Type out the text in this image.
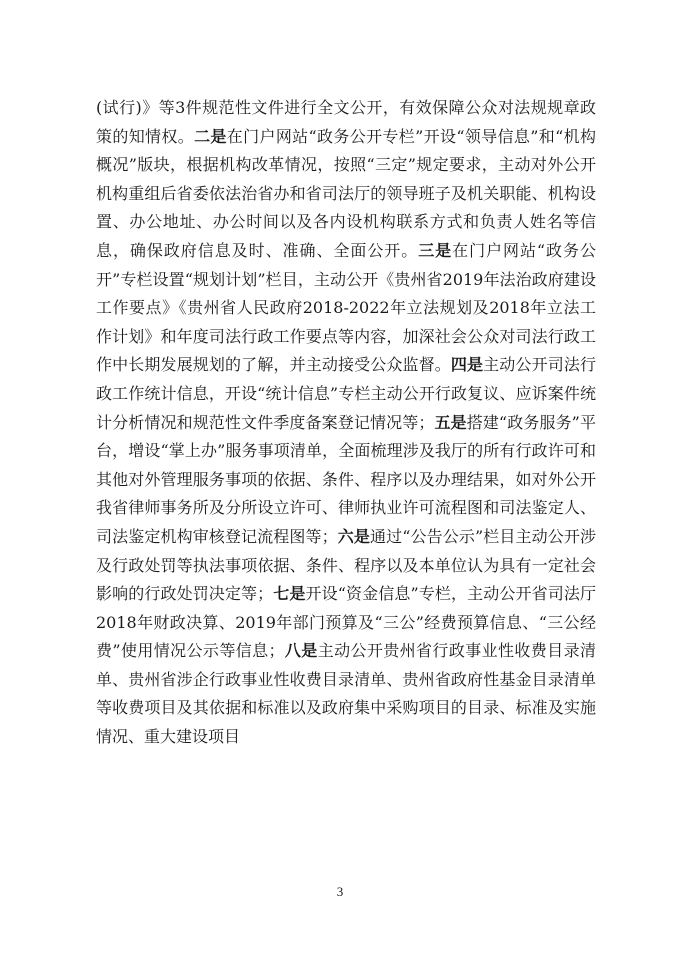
(试行)》等3件规范性文件进行全文公开，有效保障公众对法规规章政策的知情权。二是在门户网站“政务公开专栏”开设“领导信息”和“机构概况”版块，根据机构改革情况，按照“三定”规定要求，主动对外公开机构重组后省委依法治省办和省司法厅的领导班子及机关职能、机构设置、办公地址、办公时间以及各内设机构联系方式和负责人姓名等信息，确保政府信息及时、准确、全面公开。三是在门户网站“政务公开”专栏设置“规划计划”栏目，主动公开《贵州省2019年法治政府建设工作要点》《贵州省人民政府2018-2022年立法规划及2018年立法工作计划》和年度司法行政工作要点等内容，加深社会公众对司法行政工作中长期发展规划的了解，并主动接受公众监督。四是主动公开司法行政工作统计信息，开设“统计信息”专栏主动公开行政复议、应诉案件统计分析情况和规范性文件季度备案登记情况等；五是搭建“政务服务”平台，增设“掌上办”服务事项清单，全面梳理涉及我厅的所有行政许可和其他对外管理服务事项的依据、条件、程序以及办理结果，如对外公开我省律师事务所及分所设立许可、律师执业许可流程图和司法鉴定人、司法鉴定机构审核登记流程图等；六是通过“公告公示”栏目主动公开涉及行政处罚等执法事项依据、条件、程序以及本单位认为具有一定社会影响的行政处罚决定等；七是开设“资金信息”专栏，主动公开省司法厅2018年财政决算、2019年部门预算及“三公”经费预算信息、“三公经费”使用情况公示等信息；八是主动公开贵州省行政事业性收费目录清单、贵州省涉企行政事业性收费目录清单、贵州省政府性基金目录清单等收费项目及其依据和标准以及政府集中采购项目的目录、标准及实施情况、重大建设项目

3
